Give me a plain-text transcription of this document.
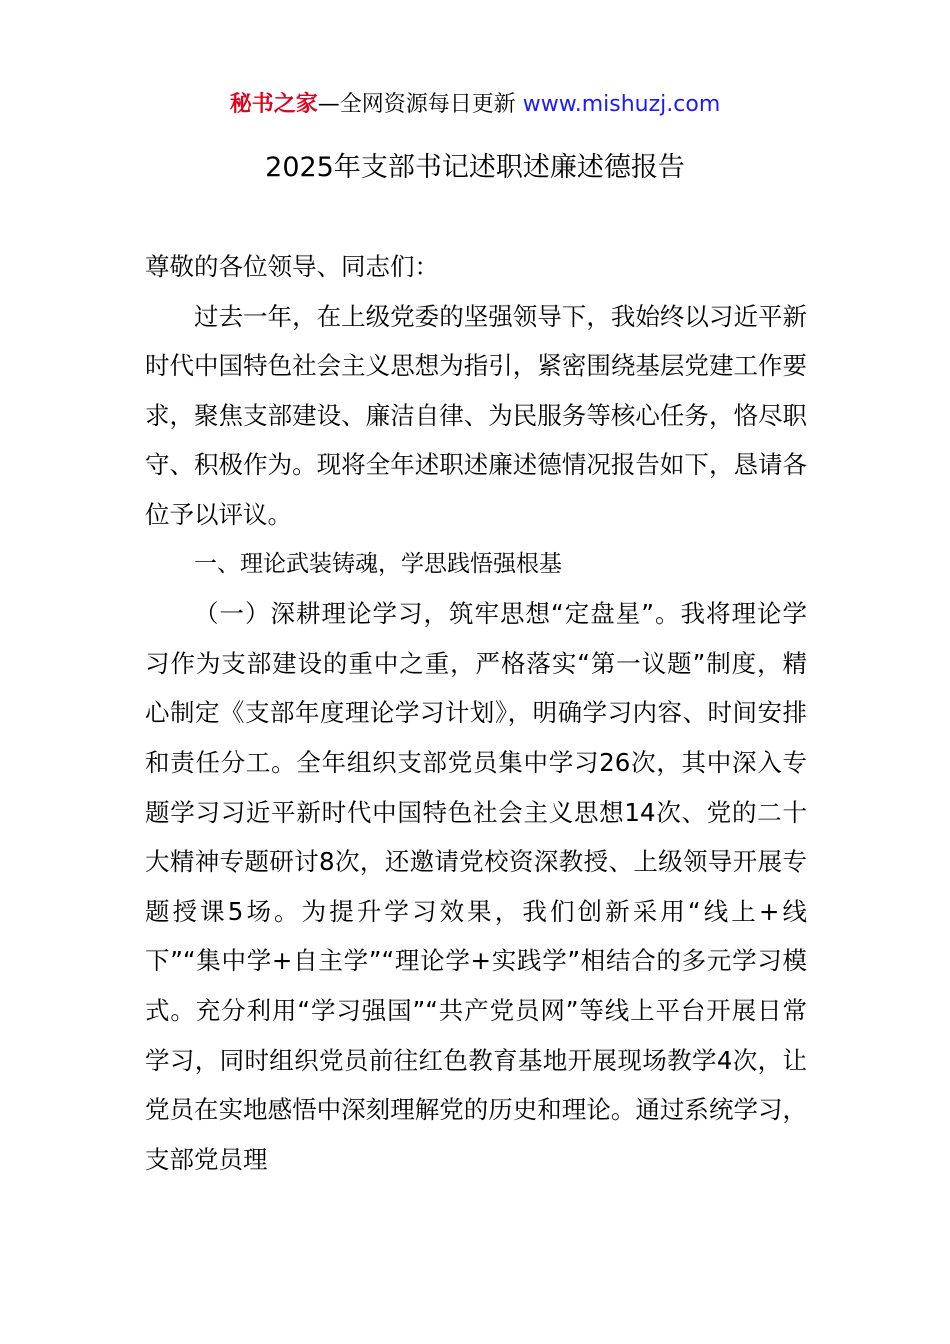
秘书之家—全网资源每日更新 www.mishuzj.com
2025年支部书记述职述廉述德报告

尊敬的各位领导、同志们：

过去一年，在上级党委的坚强领导下，我始终以习近平新时代中国特色社会主义思想为指引，紧密围绕基层党建工作要求，聚焦支部建设、廉洁自律、为民服务等核心任务，恪尽职守、积极作为。现将全年述职述廉述德情况报告如下，恳请各位予以评议。

一、理论武装铸魂，学思践悟强根基

（一）深耕理论学习，筑牢思想“定盘星”。我将理论学习作为支部建设的重中之重，严格落实“第一议题”制度，精心制定《支部年度理论学习计划》，明确学习内容、时间安排和责任分工。全年组织支部党员集中学习26次，其中深入专题学习习近平新时代中国特色社会主义思想14次、党的二十大精神专题研讨8次，还邀请党校资深教授、上级领导开展专题授课5场。为提升学习效果，我们创新采用“线上+线下”“集中学+自主学”“理论学+实践学”相结合的多元学习模式。充分利用“学习强国”“共产党员网”等线上平台开展日常学习，同时组织党员前往红色教育基地开展现场教学4次，让党员在实地感悟中深刻理解党的历史和理论。通过系统学习，支部党员理
